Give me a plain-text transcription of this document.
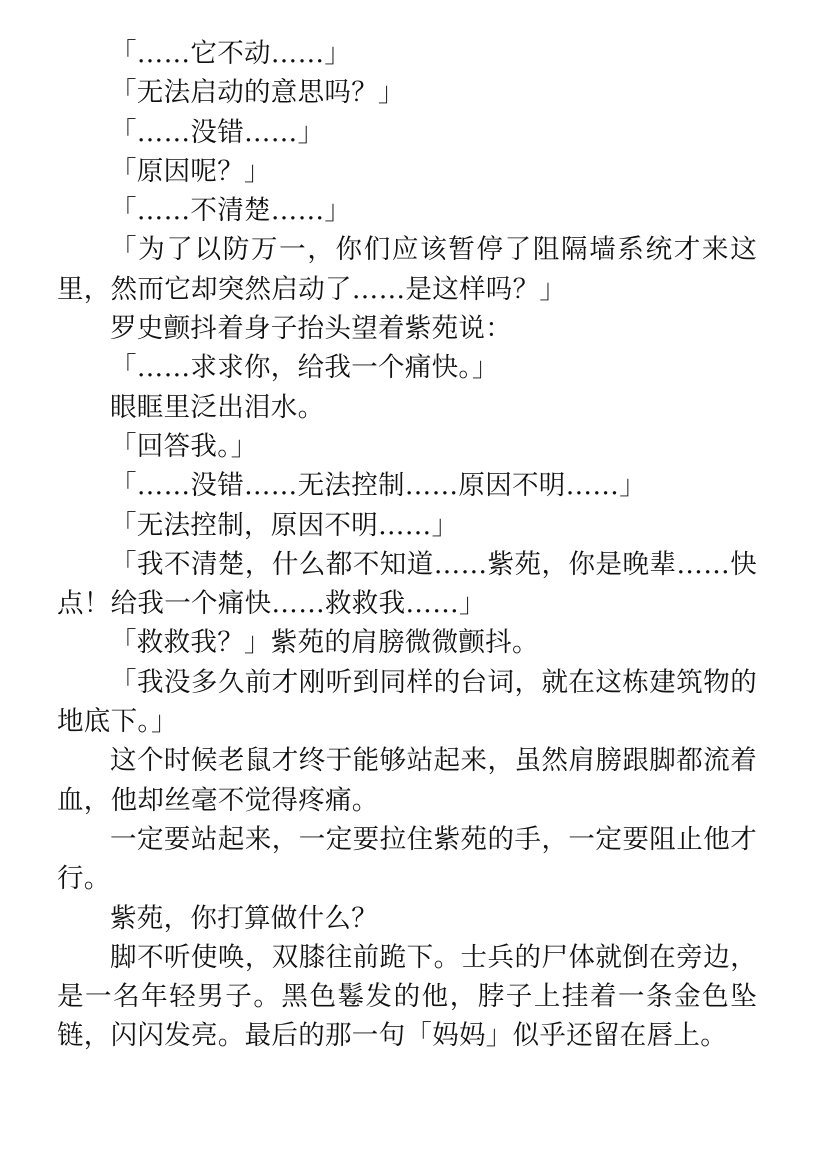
「……它不动……」

「无法启动的意思吗？」

「……没错……」

「原因呢？」

「……不清楚……」

「为了以防万一，你们应该暂停了阻隔墙系统才来这里，然而它却突然启动了……是这样吗？」

罗史颤抖着身子抬头望着紫苑说：

「……求求你，给我一个痛快。」

眼眶里泛出泪水。

「回答我。」

「……没错……无法控制……原因不明……」

「无法控制，原因不明……」

「我不清楚，什么都不知道……紫苑，你是晚辈……快点！给我一个痛快……救救我……」

「救救我？」紫苑的肩膀微微颤抖。

「我没多久前才刚听到同样的台词，就在这栋建筑物的地底下。」

这个时候老鼠才终于能够站起来，虽然肩膀跟脚都流着血，他却丝毫不觉得疼痛。

一定要站起来，一定要拉住紫苑的手，一定要阻止他才行。

紫苑，你打算做什么？

脚不听使唤，双膝往前跪下。士兵的尸体就倒在旁边，是一名年轻男子。黑色鬈发的他，脖子上挂着一条金色坠链，闪闪发亮。最后的那一句「妈妈」似乎还留在唇上。
